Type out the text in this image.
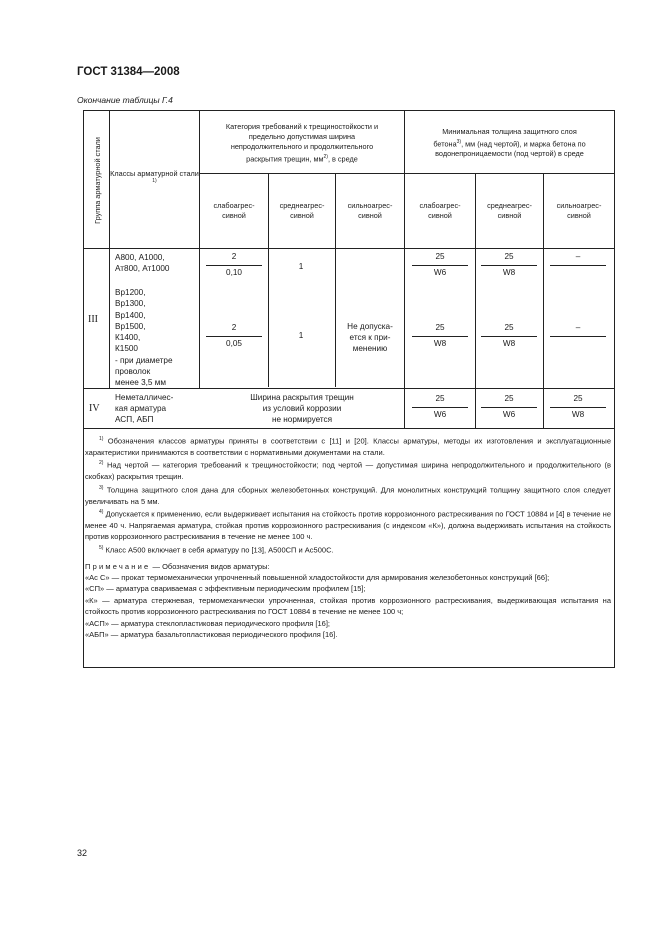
ГОСТ 31384—2008
Окончание таблицы Г.4
Группа арматурной стали Классы арматурной стали
1)
Категория требований к трещиностойкости и
предельно допустимая ширина
непродолжительного и продолжительного
раскрытия трещин, $мм^{2)}$, в среде
Минимальная толщина защитного слоя
бетона$^{3)}$, мм (над чертой), и марка бетона по
водонепроницаемости (под чертой) в среде
слабоагрес-
сивной
среднеагрес-
сивной
сильноагрес-
сивной
слабоагрес-
сивной
среднеагрес-
сивной
сильноагрес-
сивной
III
А800, А1000,
Ат800, Ат1000
Вр1200,
Вр1300,
Вр1400,
Вр1500,
К1400,
К1500
- при диаметре
проволок
менее 3,5 мм
2
0,10
1
25
W6
25
W8
–
2
0,05
1
Не допуска-
ется к при-
менению
25
W8
25
W8
–
IV
Неметалличес-
кая арматура
АСП, АБП
Ширина раскрытия трещин
из условий коррозии
не нормируется
25
W6
25
W6
25
W8

$^{1)}$ Обозначения классов арматуры приняты в соответствии с [11] и [20]. Классы арматуры, методы их изготовления и эксплуатационные характеристики принимаются в соответствии с нормативными документами на стали.

$^{2)}$ Над чертой — категория требований к трещиностойкости; под чертой — допустимая ширина непродолжительного и продолжительного (в скобках) раскрытия трещин.

$^{3)}$ Толщина защитного слоя дана для сборных железобетонных конструкций. Для монолитных конструкций толщину защитного слоя следует увеличивать на 5 мм.

$^{4)}$ Допускается к применению, если выдерживает испытания на стойкость против коррозионного растрескивания по ГОСТ 10884 и [4] в течение не менее 40 ч. Напрягаемая арматура, стойкая против коррозионного растрескивания (с индексом «К»), должна выдерживать испытания на стойкость против коррозионного растрескивания в течение не менее 100 ч.

$^{5)}$ Класс А500 включает в себя арматуру по [13], А500СП и Ас500С.

Примечание — Обозначения видов арматуры:

«Ас С» — прокат термомеханически упрочненный повышенной хладостойкости для армирования железобетонных конструкций [66];

«СП» — арматура свариваемая с эффективным периодическим профилем [15];

«К» — арматура стержневая, термомеханически упрочненная, стойкая против коррозионного растрескивания, выдерживающая испытания на стойкость против коррозионного растрескивания по ГОСТ 10884 в течение не менее 100 ч;

«АСП» — арматура стеклопластиковая периодического профиля [16];

«АБП» — арматура базальтопластиковая периодического профиля [16].

32
